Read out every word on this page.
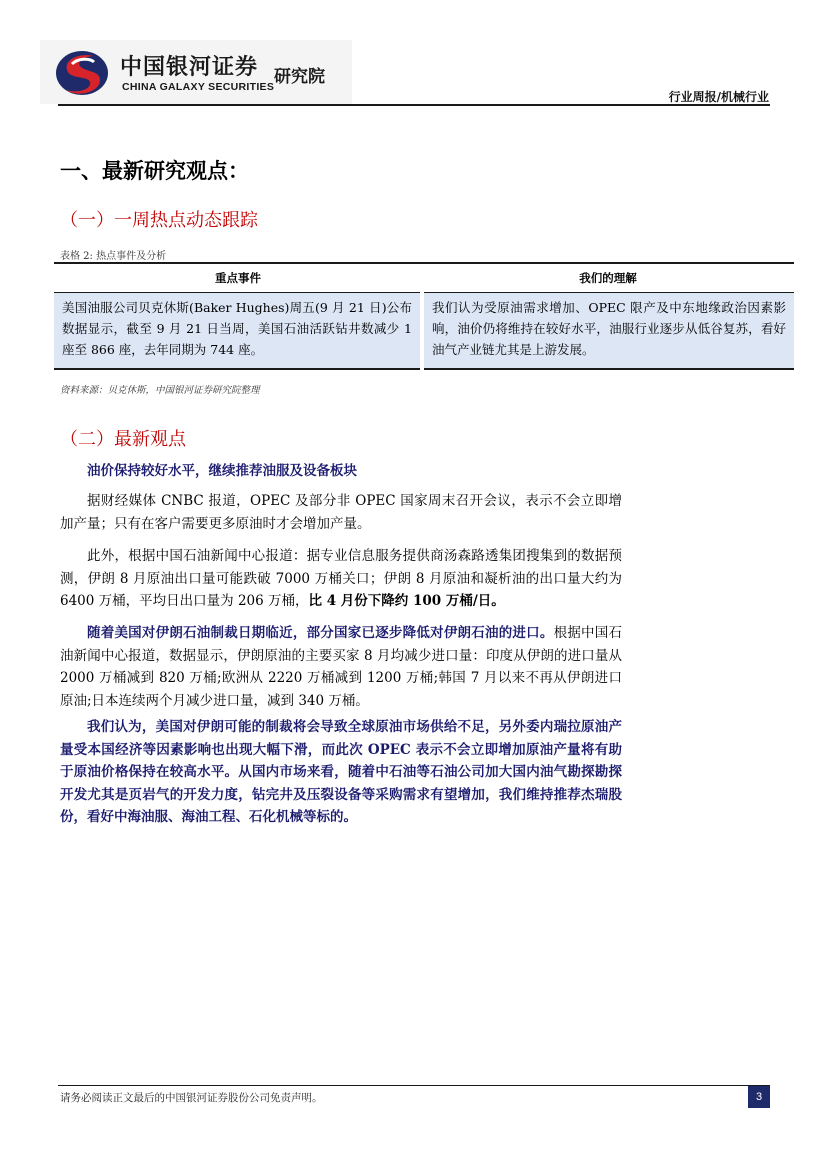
中国银河证券
CHINA GALAXY SECURITIES 研究院
行业周报/机械行业
一、最新研究观点：
（一）一周热点动态跟踪
表格 2: 热点事件及分析
重点事件	我们的理解
美国油服公司贝克休斯(Baker Hughes)周五(9 月 21 日)公布数据显示，截至 9 月 21 日当周，美国石油活跃钻井数减少 1 座至 866 座，去年同期为 744 座。	我们认为受原油需求增加、OPEC 限产及中东地缘政治因素影响，油价仍将维持在较好水平，油服行业逐步从低谷复苏，看好油气产业链尤其是上游发展。
资料来源：贝克休斯，中国银河证券研究院整理
（二）最新观点
油价保持较好水平，继续推荐油服及设备板块
据财经媒体 CNBC 报道，OPEC 及部分非 OPEC 国家周末召开会议，表示不会立即增加产量；只有在客户需要更多原油时才会增加产量。
此外，根据中国石油新闻中心报道：据专业信息服务提供商汤森路透集团搜集到的数据预测，伊朗 8 月原油出口量可能跌破 7000 万桶关口；伊朗 8 月原油和凝析油的出口量大约为 6400 万桶，平均日出口量为 206 万桶，比 4 月份下降约 100 万桶/日。
随着美国对伊朗石油制裁日期临近，部分国家已逐步降低对伊朗石油的进口。根据中国石油新闻中心报道，数据显示，伊朗原油的主要买家 8 月均减少进口量：印度从伊朗的进口量从 2000 万桶减到 820 万桶;欧洲从 2220 万桶减到 1200 万桶;韩国 7 月以来不再从伊朗进口原油;日本连续两个月减少进口量，减到 340 万桶。
我们认为，美国对伊朗可能的制裁将会导致全球原油市场供给不足，另外委内瑞拉原油产量受本国经济等因素影响也出现大幅下滑，而此次 OPEC 表示不会立即增加原油产量将有助于原油价格保持在较高水平。从国内市场来看，随着中石油等石油公司加大国内油气勘探勘探开发尤其是页岩气的开发力度，钻完井及压裂设备等采购需求有望增加，我们维持推荐杰瑞股份，看好中海油服、海油工程、石化机械等标的。
请务必阅读正文最后的中国银河证券股份公司免责声明。	3
